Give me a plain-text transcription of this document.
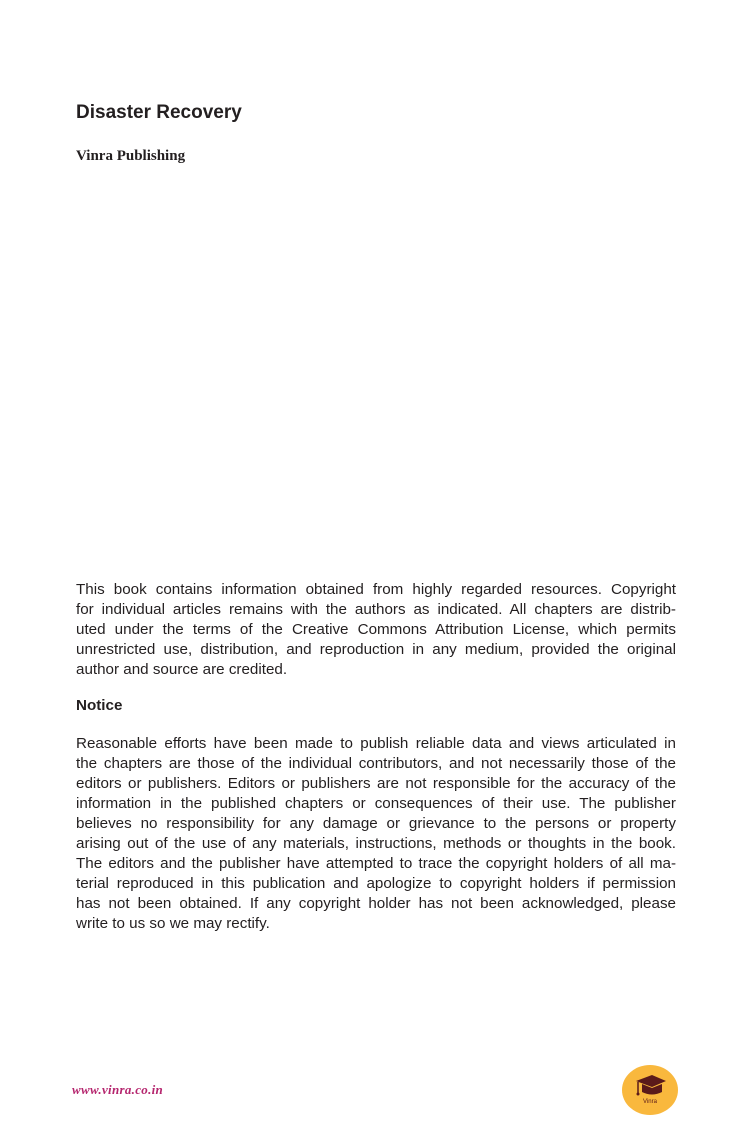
Disaster Recovery
Vinra Publishing
This book contains information obtained from highly regarded resources. Copyright
for individual articles remains with the authors as indicated. All chapters are distrib-
uted under the terms of the Creative Commons Attribution License, which permits
unrestricted use, distribution, and reproduction in any medium, provided the original
author and source are credited.
Notice
Reasonable efforts have been made to publish reliable data and views articulated in
the chapters are those of the individual contributors, and not necessarily those of the
editors or publishers. Editors or publishers are not responsible for the accuracy of the
information in the published chapters or consequences of their use. The publisher
believes no responsibility for any damage or grievance to the persons or property
arising out of the use of any materials, instructions, methods or thoughts in the book.
The editors and the publisher have attempted to trace the copyright holders of all ma-
terial reproduced in this publication and apologize to copyright holders if permission
has not been obtained. If any copyright holder has not been acknowledged, please
write to us so we may rectify.
www.vinra.co.in
Vinra
